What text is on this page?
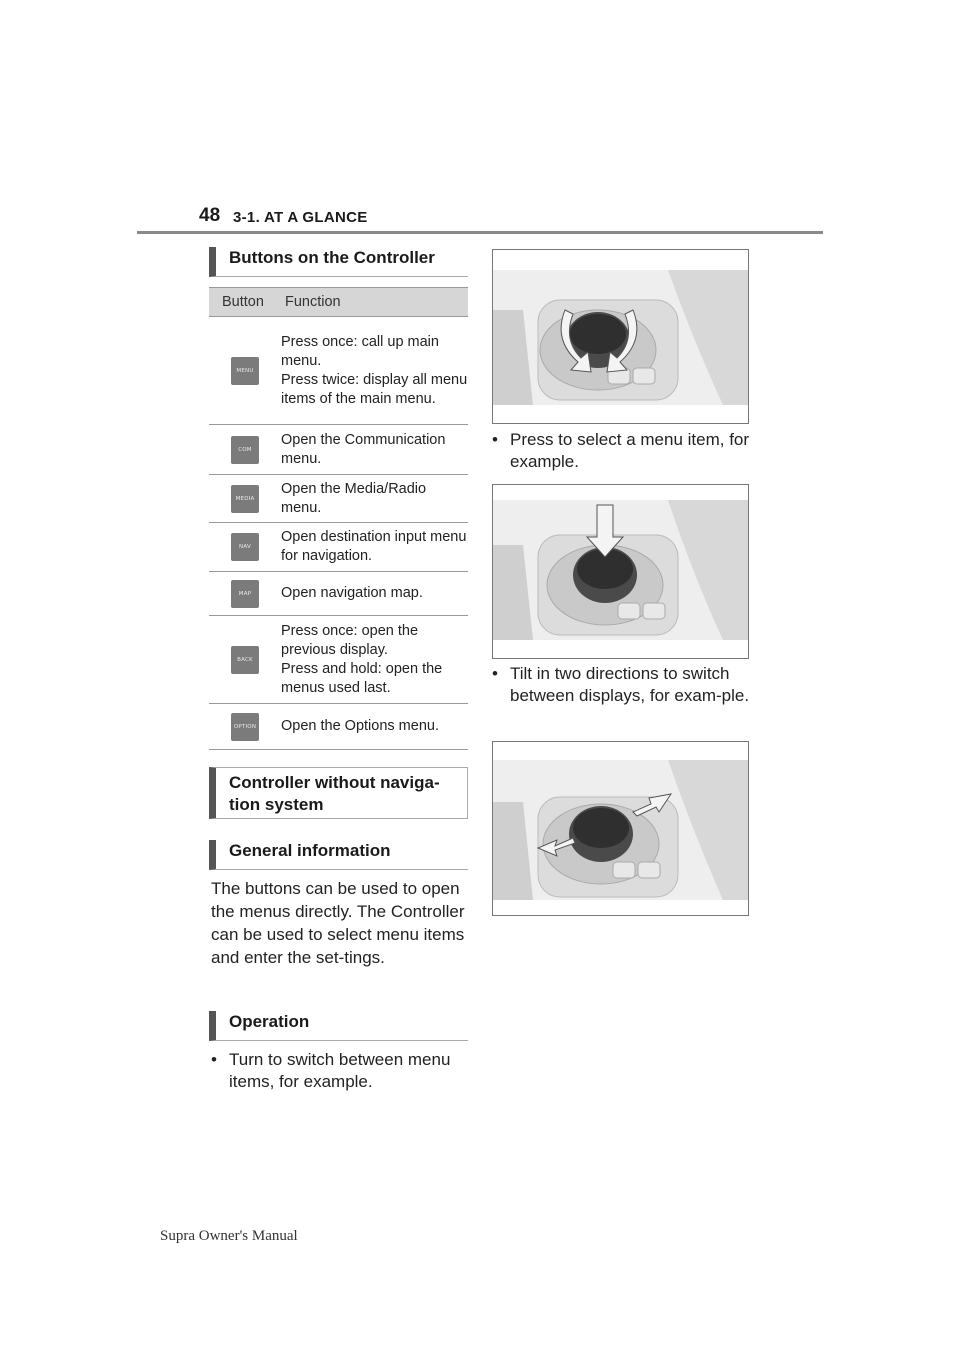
48 3-1. AT A GLANCE
Buttons on the Controller
Button	Function
MENU
Press once: call up main menu.
Press twice: display all menu items of the main menu.
COM
Open the Communication menu.
MEDIA
Open the Media/Radio menu.
NAV
Open destination input menu for navigation.
MAP	Open navigation map.
BACK
Press once: open the previous display.
Press and hold: open the menus used last.
OPTION Open the Options menu.
Controller without naviga-
tion system
General information
The buttons can be used to open the menus directly. The Controller can be used to select menu items and enter the set-tings.
Operation
• Turn to switch between menu items, for example.
• Press to select a menu item, for example.
• Tilt in two directions to switch between displays, for exam-ple.
Supra Owner's Manual
